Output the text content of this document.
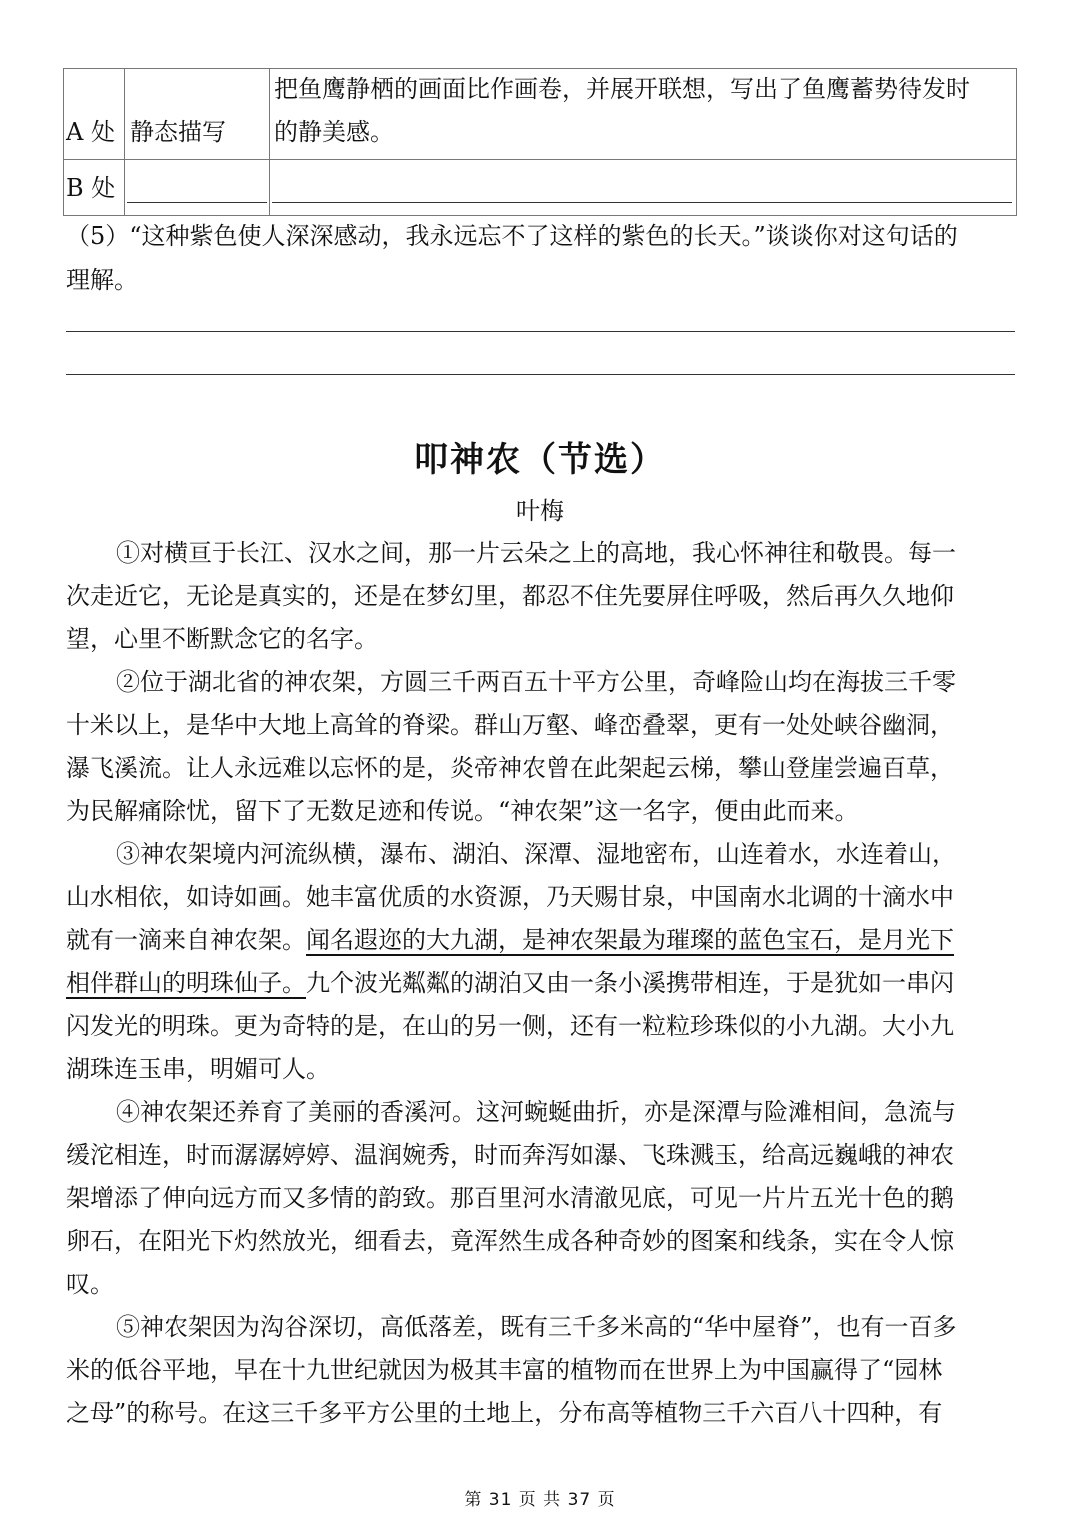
A 处 静态描写
把鱼鹰静栖的画面比作画卷，并展开联想，写出了鱼鹰蓄势待发时
的静美感。
B 处
（5）“这种紫色使人深深感动，我永远忘不了这样的紫色的长天。”谈谈你对这句话的
理解。
叩神农（节选）
叶梅
①对横亘于长江、汉水之间，那一片云朵之上的高地，我心怀神往和敬畏。每一
次走近它，无论是真实的，还是在梦幻里，都忍不住先要屏住呼吸，然后再久久地仰
望，心里不断默念它的名字。
②位于湖北省的神农架，方圆三千两百五十平方公里，奇峰险山均在海拔三千零
十米以上，是华中大地上高耸的脊梁。群山万壑、峰峦叠翠，更有一处处峡谷幽洞，
瀑飞溪流。让人永远难以忘怀的是，炎帝神农曾在此架起云梯，攀山登崖尝遍百草，
为民解痛除忧，留下了无数足迹和传说。“神农架”这一名字，便由此而来。
③神农架境内河流纵横，瀑布、湖泊、深潭、湿地密布，山连着水，水连着山，
山水相依，如诗如画。她丰富优质的水资源，乃天赐甘泉，中国南水北调的十滴水中
就有一滴来自神农架。闻名遐迩的大九湖，是神农架最为璀璨的蓝色宝石，是月光下
相伴群山的明珠仙子。九个波光粼粼的湖泊又由一条小溪携带相连，于是犹如一串闪
闪发光的明珠。更为奇特的是，在山的另一侧，还有一粒粒珍珠似的小九湖。大小九
湖珠连玉串，明媚可人。
④神农架还养育了美丽的香溪河。这河蜿蜒曲折，亦是深潭与险滩相间，急流与
缓沱相连，时而潺潺婷婷、温润婉秀，时而奔泻如瀑、飞珠溅玉，给高远巍峨的神农
架增添了伸向远方而又多情的韵致。那百里河水清澈见底，可见一片片五光十色的鹅
卵石，在阳光下灼然放光，细看去，竟浑然生成各种奇妙的图案和线条，实在令人惊
叹。
⑤神农架因为沟谷深切，高低落差，既有三千多米高的“华中屋脊”，也有一百多
米的低谷平地，早在十九世纪就因为极其丰富的植物而在世界上为中国赢得了“园林
之母”的称号。在这三千多平方公里的土地上，分布高等植物三千六百八十四种，有
第 31 页 共 37 页
